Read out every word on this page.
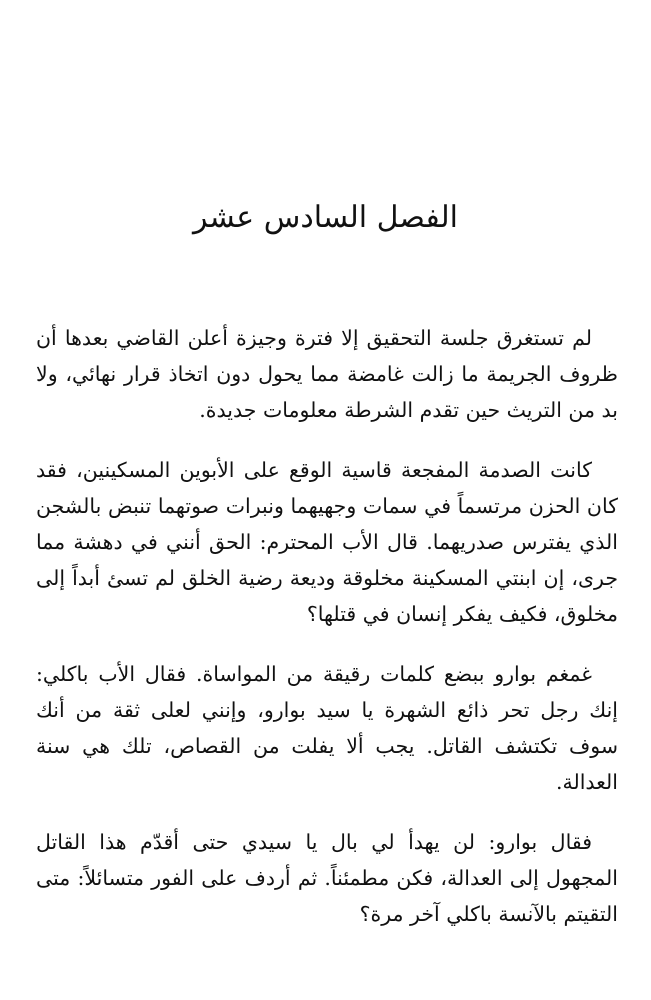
الفصل السادس عشر

لم تستغرق جلسة التحقيق إلا فترة وجيزة أعلن القاضي بعدها أن ظروف الجريمة ما زالت غامضة مما يحول دون اتخاذ قرار نهائي، ولا بد من التريث حين تقدم الشرطة معلومات جديدة.

كانت الصدمة المفجعة قاسية الوقع على الأبوين المسكينين، فقد كان الحزن مرتسماً في سمات وجهيهما ونبرات صوتهما تنبض بالشجن الذي يفترس صدريهما. قال الأب المحترم: الحق أنني في دهشة مما جرى، إن ابنتي المسكينة مخلوقة وديعة رضية الخلق لم تسئ أبداً إلى مخلوق، فكيف يفكر إنسان في قتلها؟

غمغم بوارو ببضع كلمات رقيقة من المواساة. فقال الأب باكلي: إنك رجل تحر ذائع الشهرة يا سيد بوارو، وإنني لعلى ثقة من أنك سوف تكتشف القاتل. يجب ألا يفلت من القصاص، تلك هي سنة العدالة.

فقال بوارو: لن يهدأ لي بال يا سيدي حتى أقدّم هذا القاتل المجهول إلى العدالة، فكن مطمئناً. ثم أردف على الفور متسائلاً: متى التقيتم بالآنسة باكلي آخر مرة؟
